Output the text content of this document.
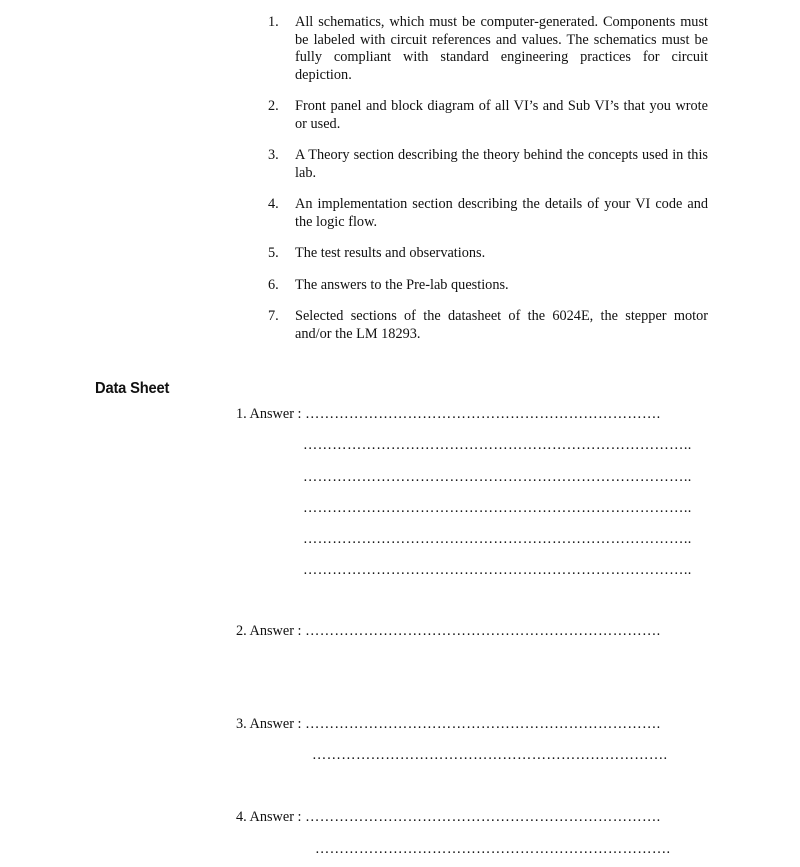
1. All schematics, which must be computer-generated. Components must be labeled with circuit references and values. The schematics must be fully compliant with standard engineering practices for circuit depiction.
2. Front panel and block diagram of all VI’s and Sub VI’s that you wrote or used.
3. A Theory section describing the theory behind the concepts used in this lab.
4. An implementation section describing the details of your VI code and the logic flow.
5. The test results and observations.
6. The answers to the Pre-lab questions.
7. Selected sections of the datasheet of the 6024E, the stepper motor and/or the LM 18293.
Data Sheet
1. Answer : ……………………………………………………………….
……………………………………………………………………..
……………………………………………………………………..
……………………………………………………………………..
……………………………………………………………………..
……………………………………………………………………..
2. Answer : ……………………………………………………………….
3. Answer : ……………………………………………………………….
……………………………………………………………….
4. Answer : ……………………………………………………………….
……………………………………………………………….
